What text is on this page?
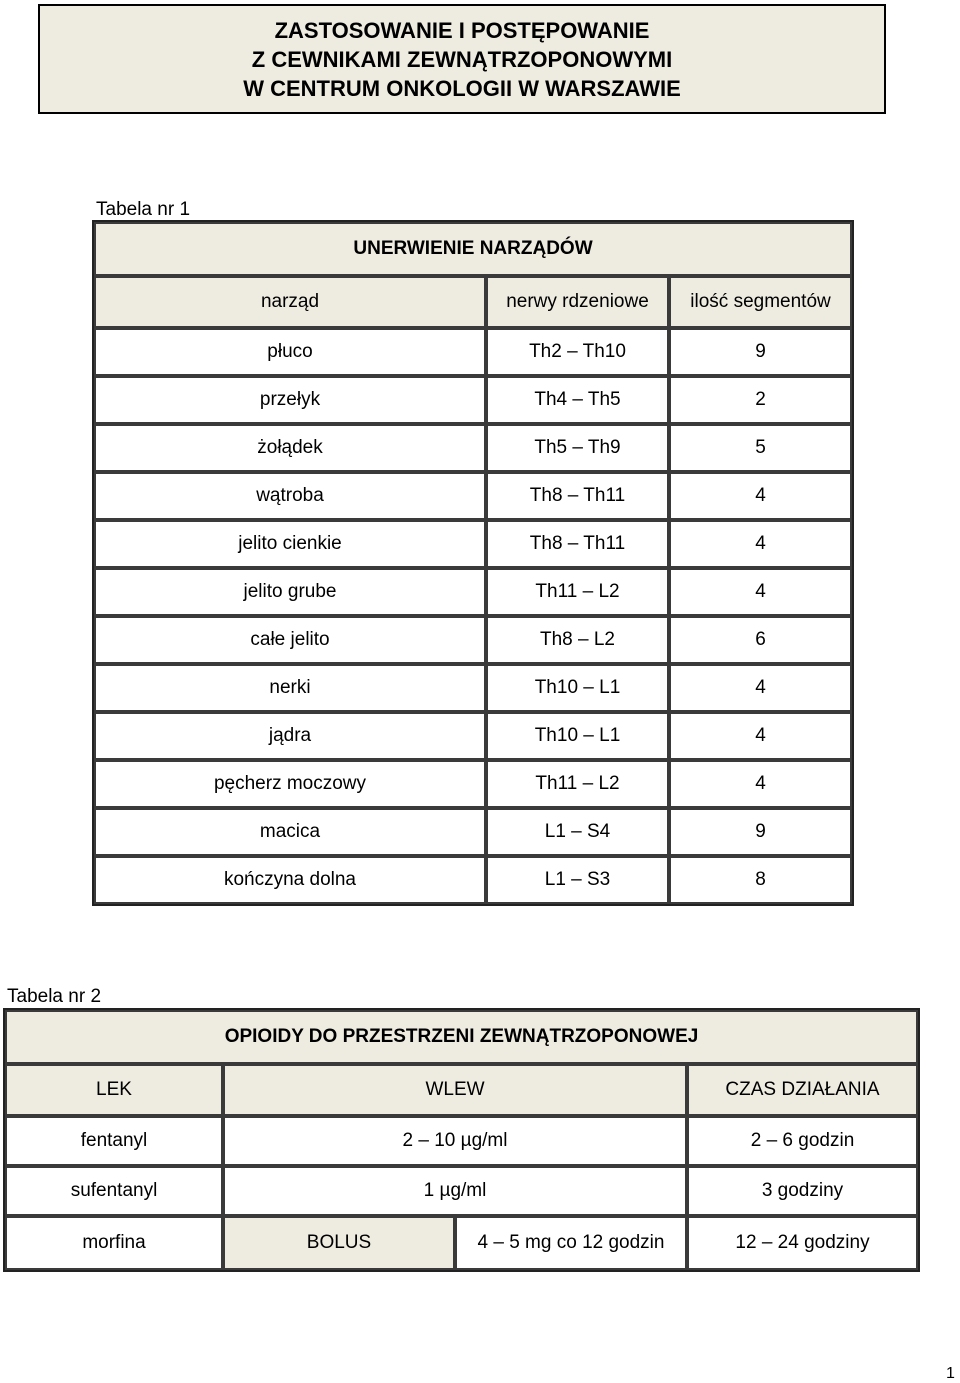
ZASTOSOWANIE I POSTĘPOWANIE
Z CEWNIKAMI ZEWNĄTRZOPONOWYMI
W CENTRUM ONKOLOGII W WARSZAWIE
Tabela nr 1
UNERWIENIE NARZĄDÓW		
narząd	nerwy rdzeniowe	ilość segmentów
płuco	Th2 – Th10	9
przełyk	Th4 – Th5	2
żołądek	Th5 – Th9	5
wątroba	Th8 – Th11	4
jelito cienkie	Th8 – Th11	4
jelito grube	Th11 – L2	4
całe jelito	Th8 – L2	6
nerki	Th10 – L1	4
jądra	Th10 – L1	4
pęcherz moczowy	Th11 – L2	4
macica	L1 – S4	9
kończyna dolna	L1 – S3	8
Tabela nr 2
OPIOIDY DO PRZESTRZENI ZEWNĄTRZOPONOWEJ			
LEK	WLEW		CZAS DZIAŁANIA
fentanyl	2 – 10 µg/ml		2 – 6 godzin
sufentanyl	1 µg/ml		3 godziny
morfina	BOLUS	4 – 5 mg co 12 godzin	12 – 24 godziny
1
